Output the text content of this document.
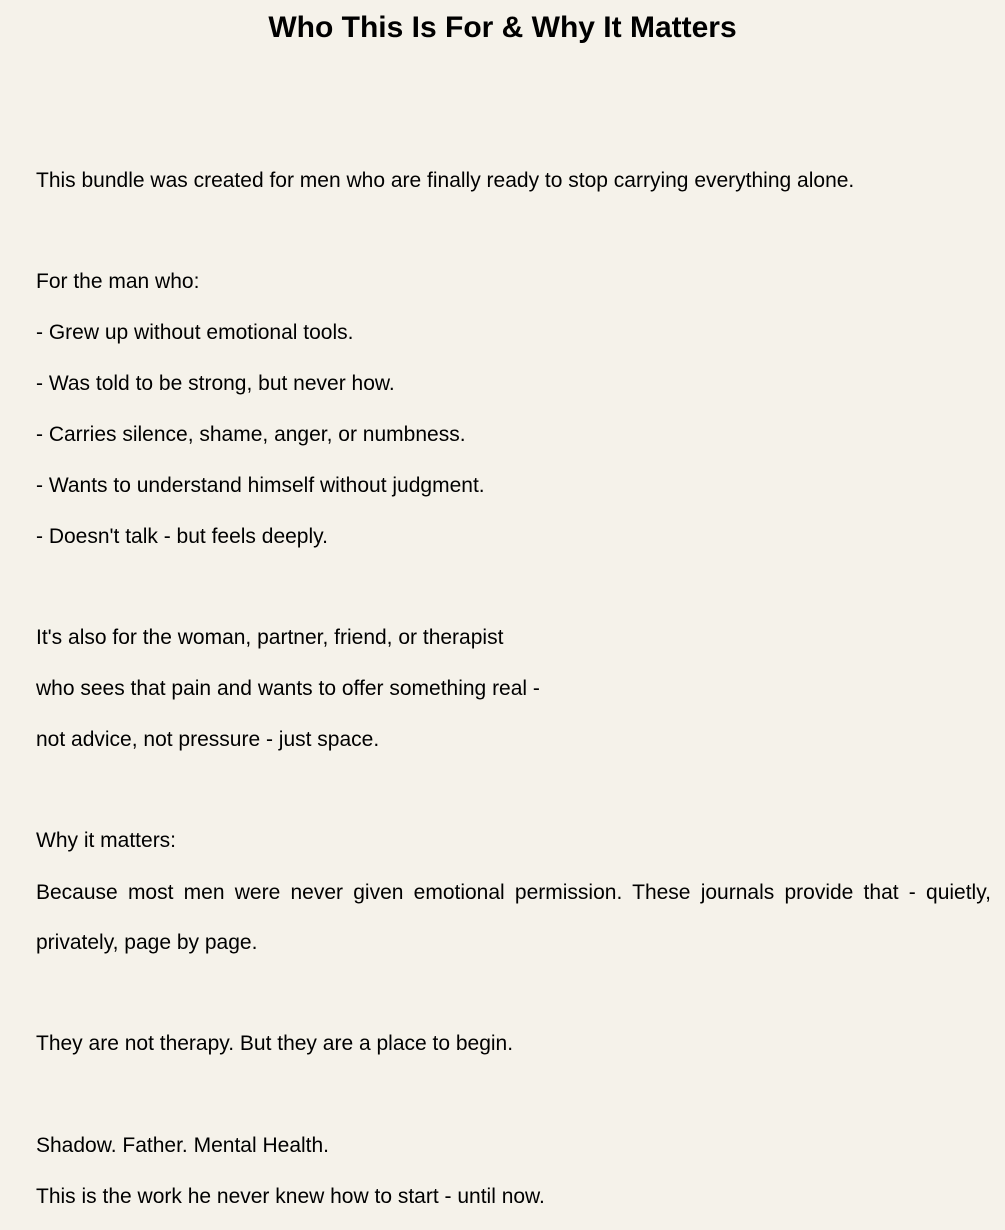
Who This Is For & Why It Matters

This bundle was created for men who are finally ready to stop carrying everything alone.

For the man who:

- Grew up without emotional tools.

- Was told to be strong, but never how.

- Carries silence, shame, anger, or numbness.

- Wants to understand himself without judgment.

- Doesn't talk - but feels deeply.

It's also for the woman, partner, friend, or therapist

who sees that pain and wants to offer something real -

not advice, not pressure - just space.

Why it matters:

Because most men were never given emotional permission. These journals provide that - quietly,

privately, page by page.

They are not therapy. But they are a place to begin.

Shadow. Father. Mental Health.

This is the work he never knew how to start - until now.
